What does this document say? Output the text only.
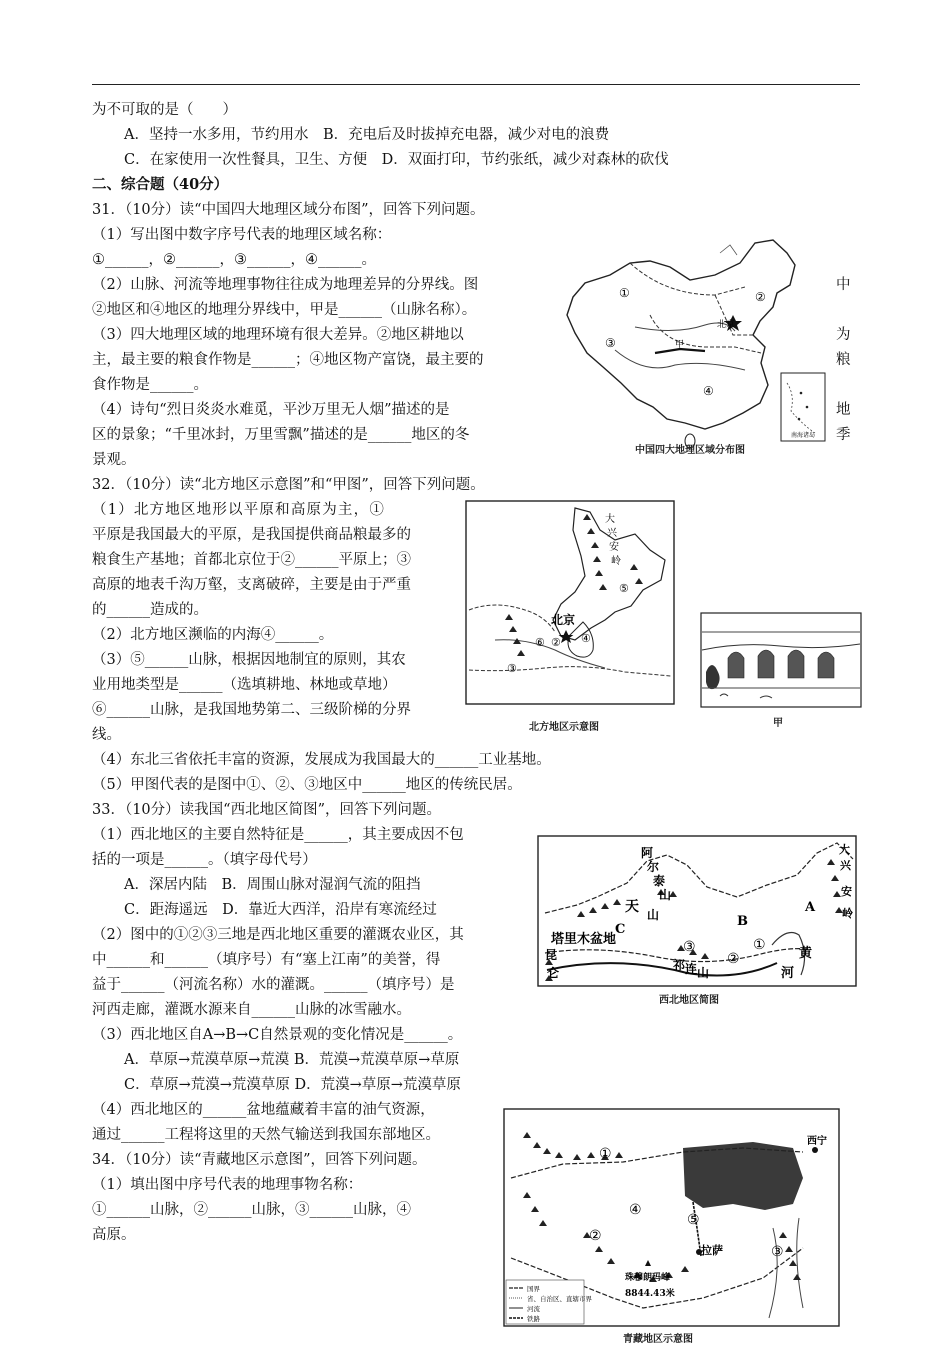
为不可取的是（　　）
A．坚持一水多用，节约用水　B．充电后及时拔掉充电器，减少对电的浪费
C．在家使用一次性餐具，卫生、方便　D．双面打印，节约张纸，减少对森林的砍伐
二、综合题（40分）
31．（10分）读“中国四大地理区域分布图”，回答下列问题。
（1）写出图中数字序号代表的地理区域名称：
①______，②______，③______，④______。
（2）山脉、河流等地理事物往往成为地理差异的分界线。图	中
②地区和④地区的地理分界线中，甲是______（山脉名称）。
（3）四大地理区域的地理环境有很大差异。②地区耕地以	为
主，最主要的粮食作物是______；④地区物产富饶，最主要的	粮
食作物是______。
（4）诗句“烈日炎炎水难觅，平沙万里无人烟”描述的是	地
区的景象；“千里冰封，万里雪飘”描述的是______地区的冬	季
景观。
32．（10分）读“北方地区示意图”和“甲图”，回答下列问题。
（1）北方地区地形以平原和高原为主，①
平原是我国最大的平原，是我国提供商品粮最多的
粮食生产基地；首都北京位于②______平原上；③
高原的地表千沟万壑，支离破碎，主要是由于严重
的______造成的。
（2）北方地区濒临的内海④______。
（3）⑤______山脉，根据因地制宜的原则，其农
业用地类型是______（选填耕地、林地或草地）
⑥______山脉，是我国地势第二、三级阶梯的分界
线。
（4）东北三省依托丰富的资源，发展成为我国最大的______工业基地。
（5）甲图代表的是图中①、②、③地区中______地区的传统民居。
33．（10分）读我国“西北地区简图”，回答下列问题。
（1）西北地区的主要自然特征是______，其主要成因不包
括的一项是______。（填字母代号）
A．深居内陆　B．周围山脉对湿润气流的阻挡
C．距海遥远　D．靠近大西洋，沿岸有寒流经过
（2）图中的①②③三地是西北地区重要的灌溉农业区，其
中______和______（填序号）有“塞上江南”的美誉，得
益于______（河流名称）水的灌溉。______（填序号）是
河西走廊，灌溉水源来自______山脉的冰雪融水。
（3）西北地区自A→B→C自然景观的变化情况是______。
A．草原→荒漠草原→荒漠 B．荒漠→荒漠草原→草原
C．草原→荒漠→荒漠草原 D．荒漠→草原→荒漠草原
（4）西北地区的______盆地蕴藏着丰富的油气资源，
通过______工程将这里的天然气输送到我国东部地区。
34．（10分）读“青藏地区示意图”，回答下列问题。
（1）填出图中序号代表的地理事物名称：
①______山脉，②______山脉，③______山脉，④
高原。
①	②
③
④
北京
甲
南海诸岛
中国四大地理区域分布图
北京
大
兴
安
岭
④
②
⑥
③
⑤
北方地区示意图	甲
阿
尔
泰
山
天 山
塔里木盆地
昆
仑
祁 连 山
大
兴
安
岭
黄
河
A
B
C
①
②
③
西北地区简图
西宁
拉萨
珠穆朗玛峰
8844.43米
①
②
③
④
⑤
国界
省、自治区、直辖市界
河流
铁路
青藏地区示意图
